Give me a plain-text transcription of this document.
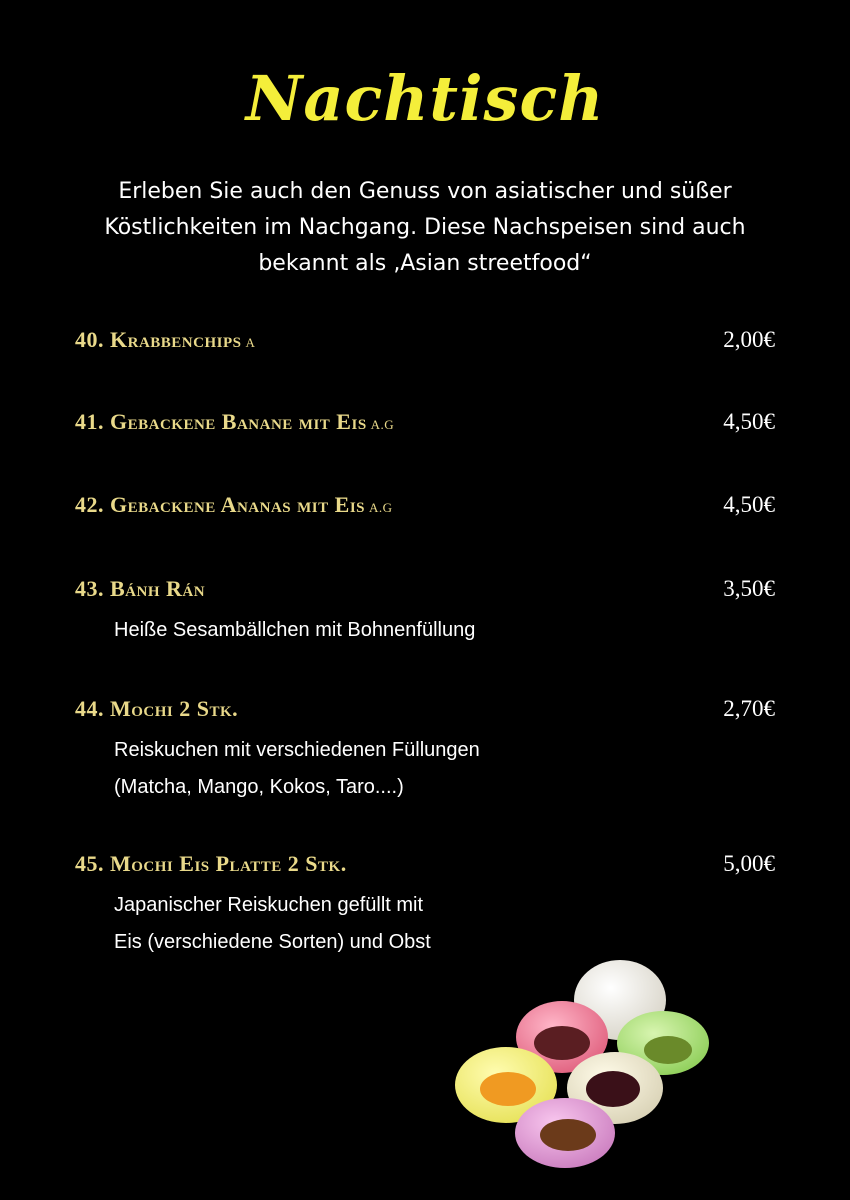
Nachtisch
Erleben Sie auch den Genuss von asiatischer und süßer
Köstlichkeiten im Nachgang. Diese Nachspeisen sind auch
bekannt als ‚Asian streetfood“
40. Krabbenchips A	2,00€
41. Gebackene Banane mit Eis A.G	4,50€
42. Gebackene Ananas mit Eis A.G	4,50€
43. Bánh Rán	3,50€
Heiße Sesambällchen mit Bohnenfüllung
44. Mochi 2 Stk.	2,70€
Reiskuchen mit verschiedenen Füllungen
(Matcha, Mango, Kokos, Taro....)
45. Mochi Eis Platte 2 Stk.	5,00€
Japanischer Reiskuchen gefüllt mit
Eis (verschiedene Sorten) und Obst
